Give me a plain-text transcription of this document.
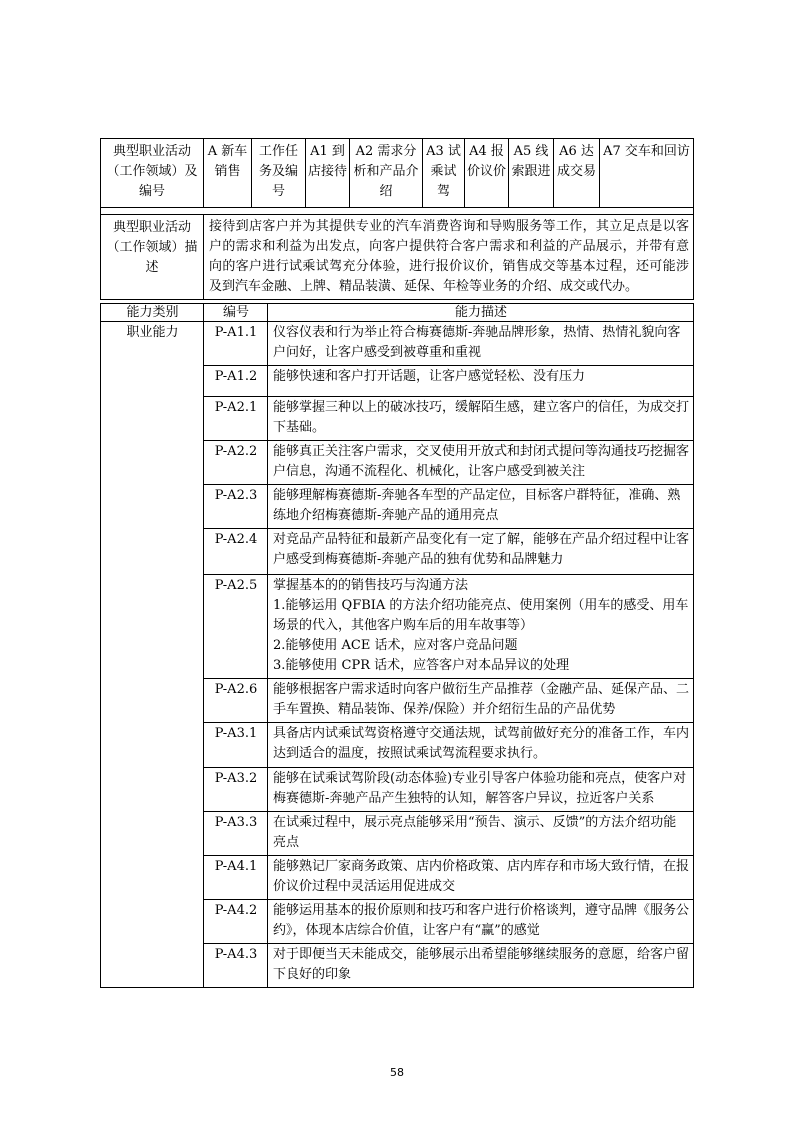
典型职业活动（工作领域）及编号	A 新车销售	工作任务及编号	A1 到店接待	A2 需求分析和产品介绍	A3 试乘试驾	A4 报价议价	A5 线索跟进	A6 达成交易	A7 交车和回访

典型职业活动（工作领域）描述	接待到店客户并为其提供专业的汽车消费咨询和导购服务等工作，其立足点是以客户的需求和利益为出发点，向客户提供符合客户需求和利益的产品展示，并带有意向的客户进行试乘试驾充分体验，进行报价议价，销售成交等基本过程，还可能涉及到汽车金融、上牌、精品装潢、延保、年检等业务的介绍、成交或代办。								
能力类别	编号	能力描述
职业能力	P-A1.1	仪容仪表和行为举止符合梅赛德斯-奔驰品牌形象，热情、热情礼貌向客户问好，让客户感受到被尊重和重视

	P-A1.2	能够快速和客户打开话题，让客户感觉轻松、没有压力

	P-A2.1	能够掌握三种以上的破冰技巧，缓解陌生感，建立客户的信任，为成交打下基础。

	P-A2.2	能够真正关注客户需求，交叉使用开放式和封闭式提问等沟通技巧挖掘客户信息，沟通不流程化、机械化，让客户感受到被关注

	P-A2.3	能够理解梅赛德斯-奔驰各车型的产品定位，目标客户群特征，准确、熟练地介绍梅赛德斯-奔驰产品的通用亮点

	P-A2.4	对竞品产品特征和最新产品变化有一定了解，能够在产品介绍过程中让客户感受到梅赛德斯-奔驰产品的独有优势和品牌魅力

	P-A2.5	掌握基本的的销售技巧与沟通方法
1.能够运用 QFBIA 的方法介绍功能亮点、使用案例（用车的感受、用车场景的代入，其他客户购车后的用车故事等）
2.能够使用 ACE 话术，应对客户竞品问题
3.能够使用 CPR 话术，应答客户对本品异议的处理

	P-A2.6	能够根据客户需求适时向客户做衍生产品推荐（金融产品、延保产品、二手车置换、精品装饰、保养/保险）并介绍衍生品的产品优势

	P-A3.1	具备店内试乘试驾资格遵守交通法规，试驾前做好充分的准备工作，车内达到适合的温度，按照试乘试驾流程要求执行。

	P-A3.2	能够在试乘试驾阶段(动态体验)专业引导客户体验功能和亮点，使客户对梅赛德斯-奔驰产品产生独特的认知，解答客户异议，拉近客户关系

	P-A3.3	在试乘过程中，展示亮点能够采用“预告、演示、反馈”的方法介绍功能亮点

	P-A4.1	能够熟记厂家商务政策、店内价格政策、店内库存和市场大致行情，在报价议价过程中灵活运用促进成交

	P-A4.2	能够运用基本的报价原则和技巧和客户进行价格谈判，遵守品牌《服务公约》，体现本店综合价值，让客户有“赢”的感觉

	P-A4.3	对于即便当天未能成交，能够展示出希望能够继续服务的意愿，给客户留下良好的印象
58
